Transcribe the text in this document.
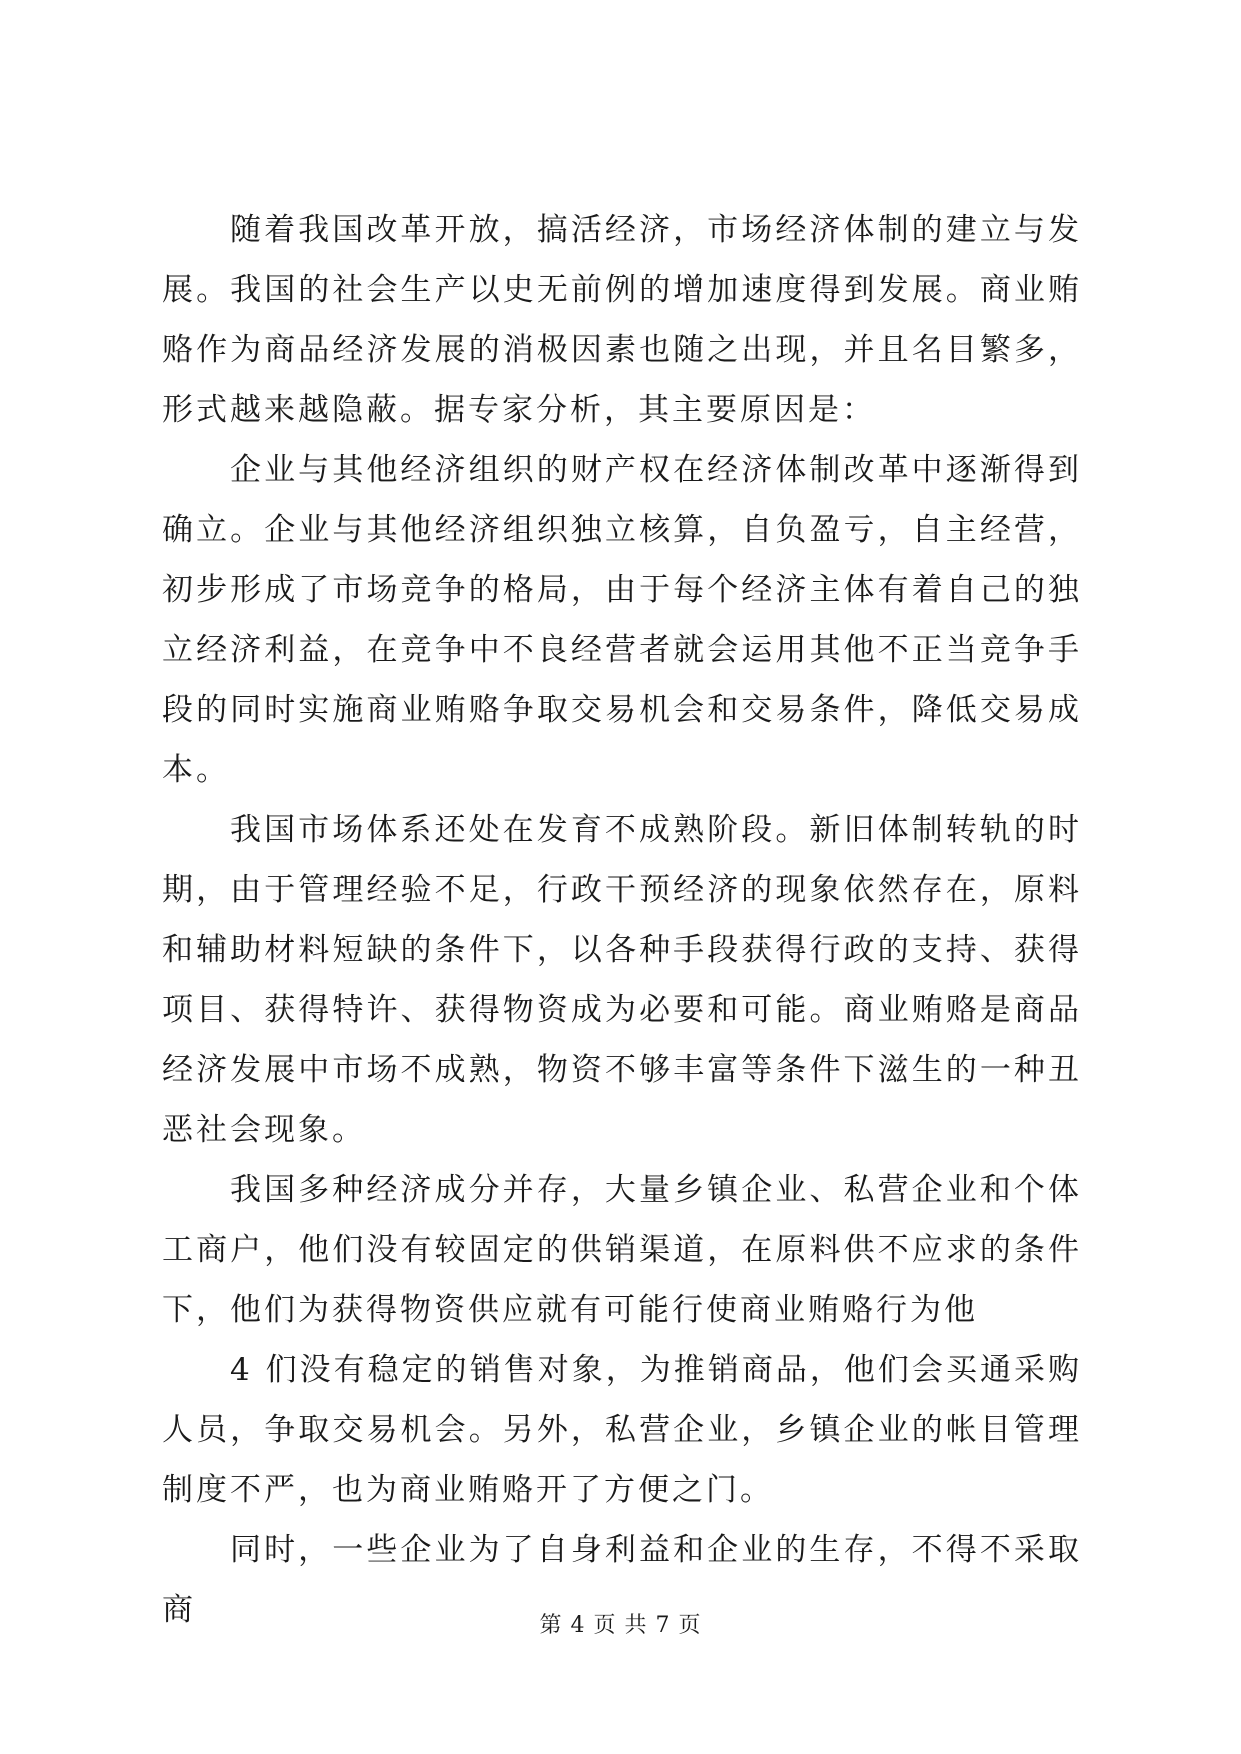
随着我国改革开放，搞活经济，市场经济体制的建立与发展。我国的社会生产以史无前例的增加速度得到发展。商业贿赂作为商品经济发展的消极因素也随之出现，并且名目繁多，形式越来越隐蔽。据专家分析，其主要原因是：

企业与其他经济组织的财产权在经济体制改革中逐渐得到确立。企业与其他经济组织独立核算，自负盈亏，自主经营，初步形成了市场竞争的格局，由于每个经济主体有着自己的独立经济利益，在竞争中不良经营者就会运用其他不正当竞争手段的同时实施商业贿赂争取交易机会和交易条件，降低交易成本。

我国市场体系还处在发育不成熟阶段。新旧体制转轨的时期，由于管理经验不足，行政干预经济的现象依然存在，原料和辅助材料短缺的条件下，以各种手段获得行政的支持、获得项目、获得特许、获得物资成为必要和可能。商业贿赂是商品经济发展中市场不成熟，物资不够丰富等条件下滋生的一种丑恶社会现象。

我国多种经济成分并存，大量乡镇企业、私营企业和个体工商户，他们没有较固定的供销渠道，在原料供不应求的条件下，他们为获得物资供应就有可能行使商业贿赂行为他

4 们没有稳定的销售对象，为推销商品，他们会买通采购人员，争取交易机会。另外，私营企业，乡镇企业的帐目管理制度不严，也为商业贿赂开了方便之门。

同时，一些企业为了自身利益和企业的生存，不得不采取商	第 4 页 共 7 页
